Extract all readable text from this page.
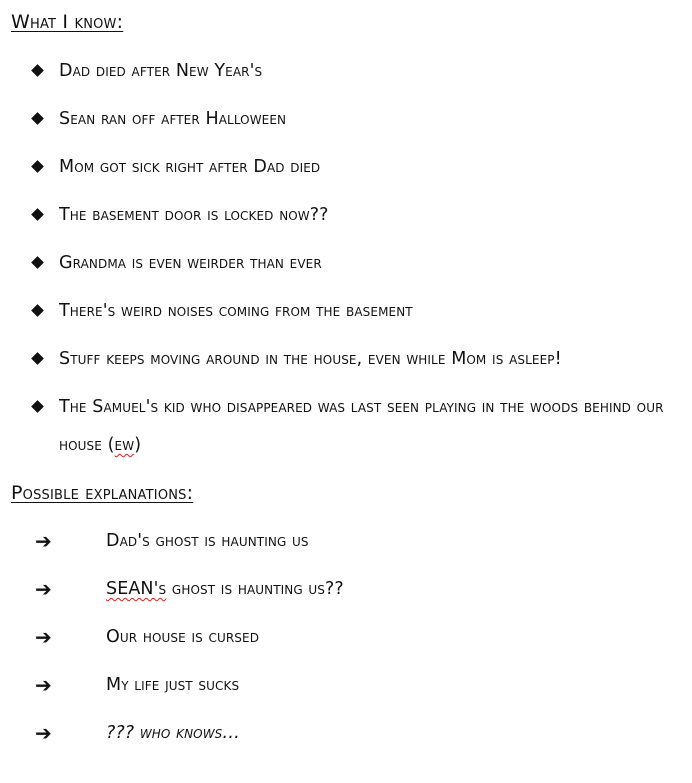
What I know:
Dad died after New Year's
Sean ran off after Halloween
Mom got sick right after Dad died
The basement door is locked now??
Grandma is even weirder than ever
There's weird noises coming from the basement
Stuff keeps moving around in the house, even while Mom is asleep!
The Samuel's kid who disappeared was last seen playing in the woods behind our house (ew)
Possible explanations:
➔	Dad's ghost is haunting us
➔	SEAN's ghost is haunting us??
➔	Our house is cursed
➔	My life just sucks
➔	??? who knows…
